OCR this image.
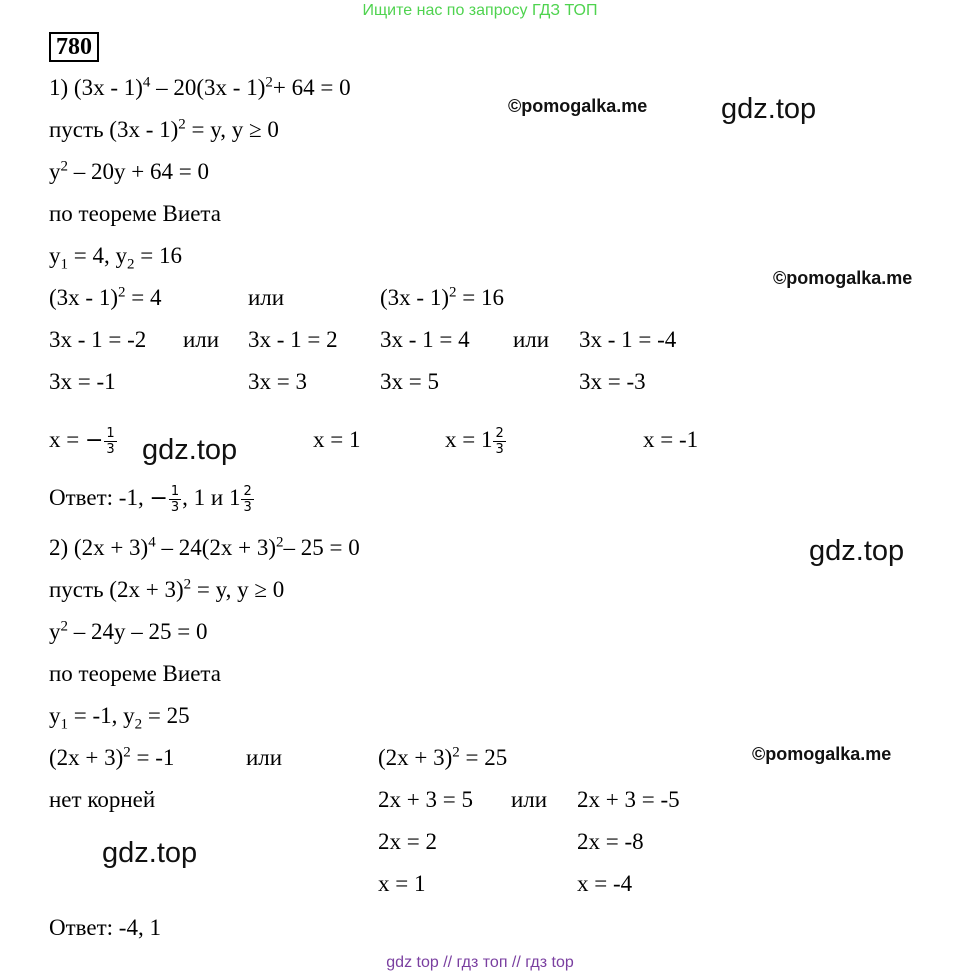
Ищите нас по запросу ГДЗ ТОП
780
1) (3x - 1)$^4$ – 20(3x - 1)$^2$+ 64 = 0
пусть (3x - 1)$^2$ = y, y ≥ 0
$y^2 - 20y + 64 = 0$
по теореме Виета
$y_1 = 4$, $y_2 = 16$
(3x - 1)$^2$ = 4	или	(3x - 1)$^2$ = 16
3x - 1 = -2 или 3x - 1 = 2 3x - 1 = 4 или 3x - 1 = -4
3x = -1	3x = 3	3x = 5	3x = -3
x = − $\frac{1}{3}$	x = 1	$x = 1 \frac{2}{3}$	x = -1
Ответ: -1, − $\frac{1}{3}$ , 1 и $1 \frac{2}{3}$
2) $(2x + 3)^4 - 24(2x + 3)^2-$ 25 = 0
пусть $(2x + 3)^2 = y$, y ≥ 0
$y^2 - 24y - 25 = 0$
по теореме Виета
$y_1 = -1$, $y_2 = 25$
$(2x + 3)^2 = -1$	или	$(2x + 3)^2 = 25$
нет корней	2x + 3 = 5 или 2x + 3 = -5
2x = 2	2x = -8
x = 1	x = -4
Ответ: -4, 1
©pomogalka.me	gdz.top
©pomogalka.me
gdz.top
gdz.top
©pomogalka.me
gdz.top
gdz top // гдз топ // гдз top
